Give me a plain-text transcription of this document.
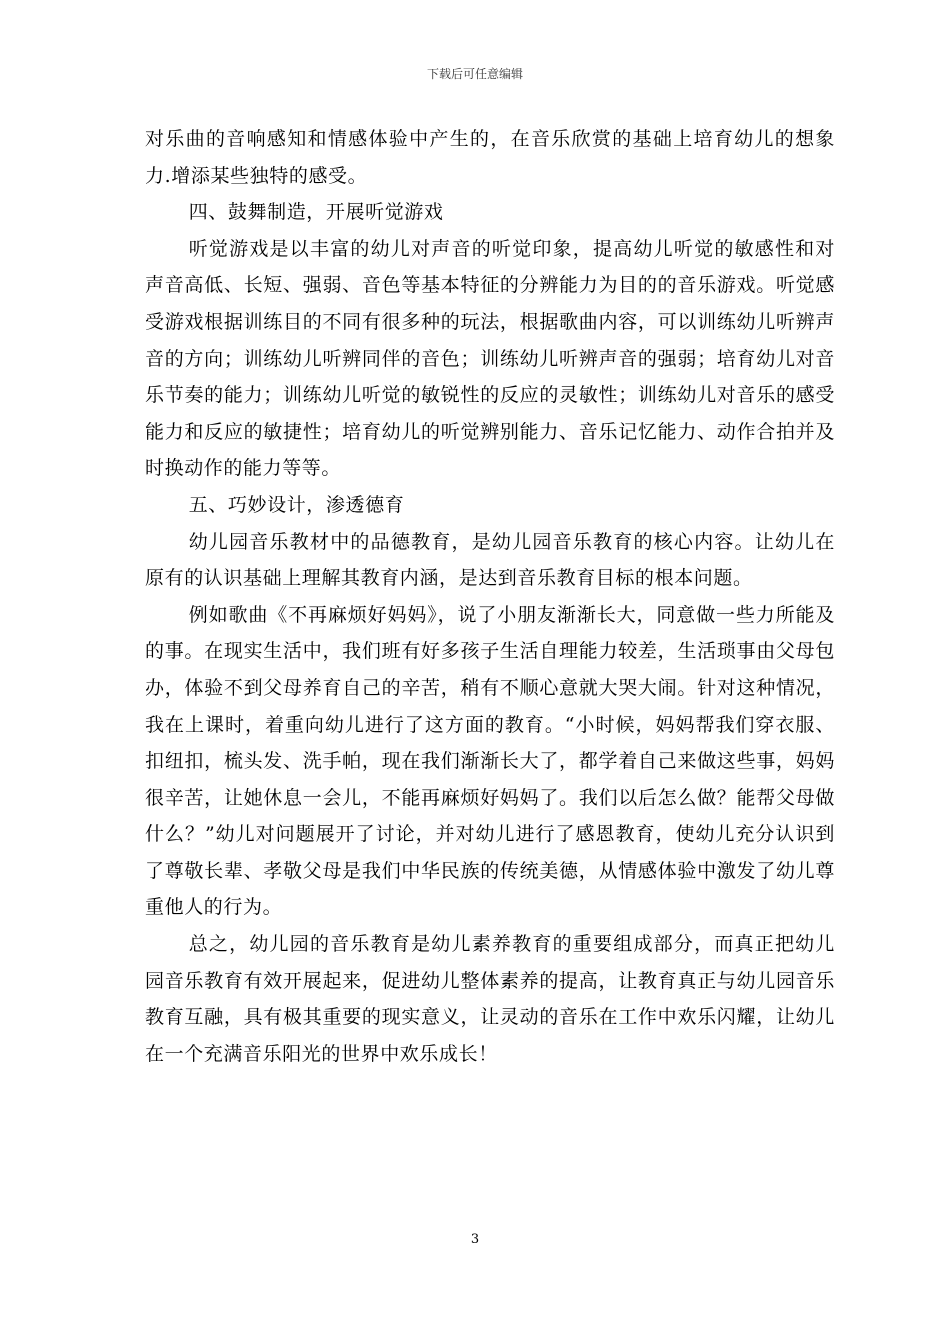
下载后可任意编辑

对乐曲的音响感知和情感体验中产生的，在音乐欣赏的基础上培育幼儿的想象力.增添某些独特的感受。

四、鼓舞制造，开展听觉游戏

听觉游戏是以丰富的幼儿对声音的听觉印象，提高幼儿听觉的敏感性和对声音高低、长短、强弱、音色等基本特征的分辨能力为目的的音乐游戏。听觉感受游戏根据训练目的不同有很多种的玩法，根据歌曲内容，可以训练幼儿听辨声音的方向；训练幼儿听辨同伴的音色；训练幼儿听辨声音的强弱；培育幼儿对音乐节奏的能力；训练幼儿听觉的敏锐性的反应的灵敏性；训练幼儿对音乐的感受能力和反应的敏捷性；培育幼儿的听觉辨别能力、音乐记忆能力、动作合拍并及时换动作的能力等等。

五、巧妙设计，渗透德育

幼儿园音乐教材中的品德教育，是幼儿园音乐教育的核心内容。让幼儿在原有的认识基础上理解其教育内涵，是达到音乐教育目标的根本问题。

例如歌曲《不再麻烦好妈妈》，说了小朋友渐渐长大，同意做一些力所能及的事。在现实生活中，我们班有好多孩子生活自理能力较差，生活琐事由父母包办，体验不到父母养育自己的辛苦，稍有不顺心意就大哭大闹。针对这种情况，我在上课时，着重向幼儿进行了这方面的教育。“小时候，妈妈帮我们穿衣服、扣纽扣，梳头发、洗手帕，现在我们渐渐长大了，都学着自己来做这些事，妈妈很辛苦，让她休息一会儿，不能再麻烦好妈妈了。我们以后怎么做？能帮父母做什么？”幼儿对问题展开了讨论，并对幼儿进行了感恩教育，使幼儿充分认识到了尊敬长辈、孝敬父母是我们中华民族的传统美德，从情感体验中激发了幼儿尊重他人的行为。

总之，幼儿园的音乐教育是幼儿素养教育的重要组成部分，而真正把幼儿园音乐教育有效开展起来，促进幼儿整体素养的提高，让教育真正与幼儿园音乐教育互融，具有极其重要的现实意义，让灵动的音乐在工作中欢乐闪耀，让幼儿在一个充满音乐阳光的世界中欢乐成长！

3
